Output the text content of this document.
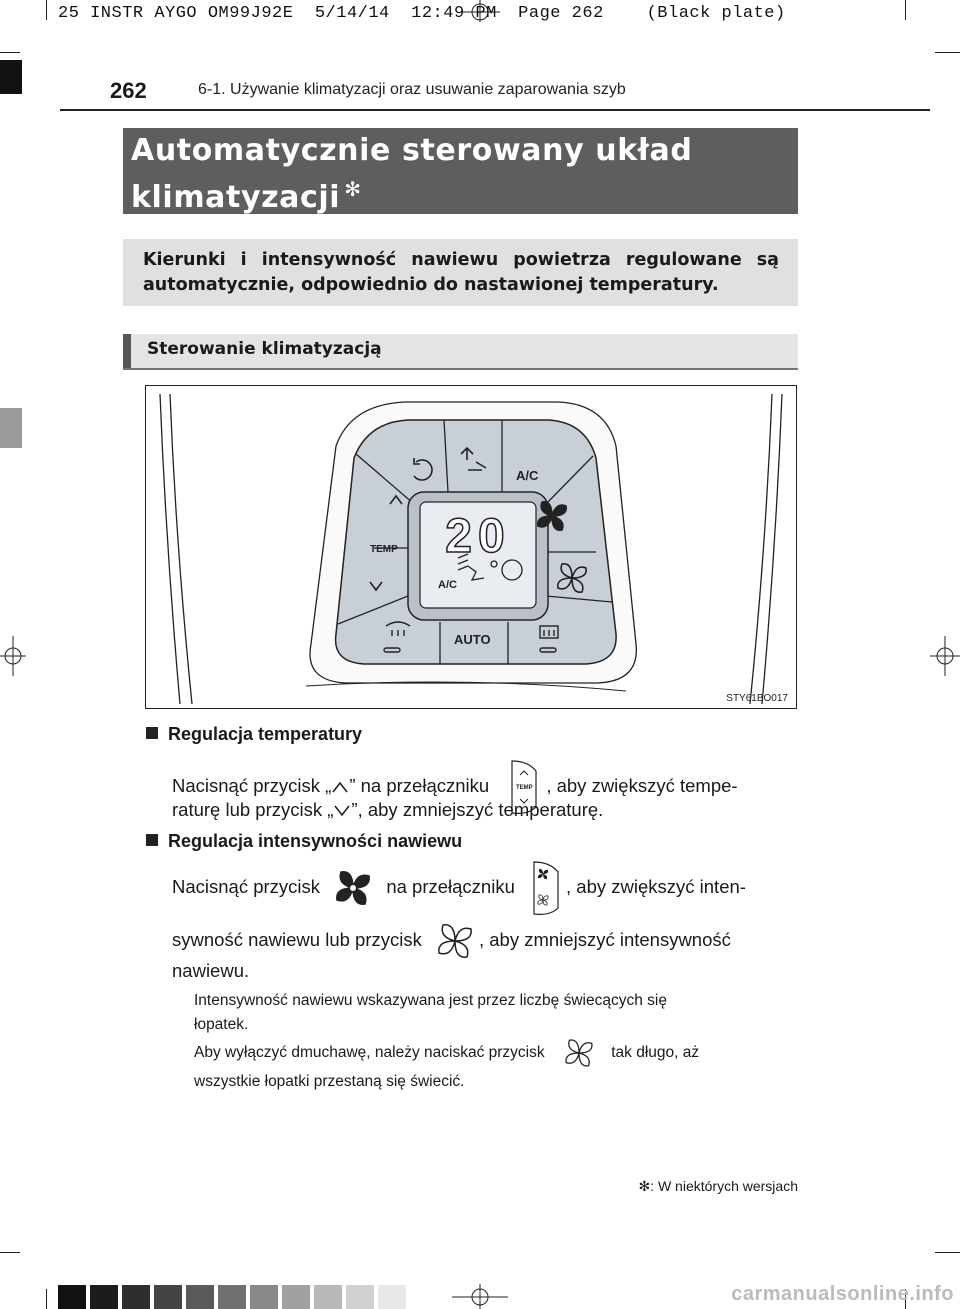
25 INSTR AYGO OM99J92E  5/14/14  12:49 PM  Page 262    (Black plate)
262	6-1. Używanie klimatyzacji oraz usuwanie zaparowania szyb
Automatycznie sterowany układ
klimatyzacji ✻
Kierunki i intensywność nawiewu powietrza regulowane są automatycznie, odpowiednio do nastawionej temperatury.
Sterowanie klimatyzacją
20
A/C
A/C
TEMP
AUTO
STY61BO017
Regulacja temperatury
Nacisnąć przycisk „ ” na przełączniku	TEMP , aby zwiększyć tempe-
raturę lub przycisk „ ”, aby zmniejszyć temperaturę.
Regulacja intensywności nawiewu
Nacisnąć przycisk	na przełączniku	, aby zwiększyć inten-
sywność nawiewu lub przycisk	, aby zmniejszyć intensywność
nawiewu.
Intensywność nawiewu wskazywana jest przez liczbę świecących się
łopatek.
Aby wyłączyć dmuchawę, należy naciskać przycisk	tak długo, aż
wszystkie łopatki przestaną się świecić.
✻: W niektórych wersjach
carmanualsonline.info
